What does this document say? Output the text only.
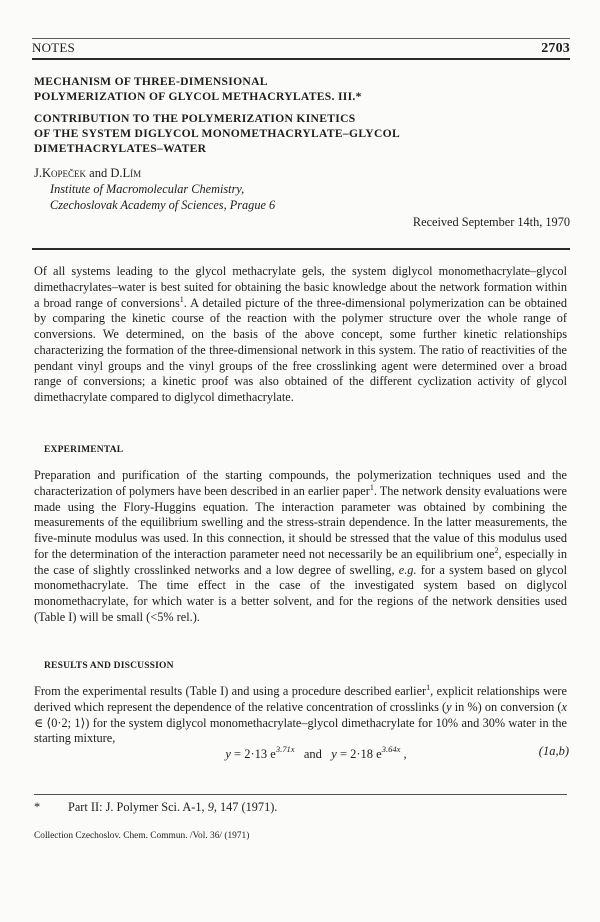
NOTES	2703

MECHANISM OF THREE-DIMENSIONAL

POLYMERIZATION OF GLYCOL METHACRYLATES. III.*

CONTRIBUTION TO THE POLYMERIZATION KINETICS

OF THE SYSTEM DIGLYCOL MONOMETHACRYLATE–GLYCOL

DIMETHACRYLATES–WATER

J.Kopeček and D.Lím
Institute of Macromolecular Chemistry,
Czechoslovak Academy of Sciences, Prague 6
Received September 14th, 1970

Of all systems leading to the glycol methacrylate gels, the system diglycol monomethacrylate–glycol dimethacrylates–water is best suited for obtaining the basic knowledge about the network formation within a broad range of conversions$^1$. A detailed picture of the three-dimensional polymerization can be obtained by comparing the kinetic course of the reaction with the polymer structure over the whole range of conversions. We determined, on the basis of the above concept, some further kinetic relationships characterizing the formation of the three-dimensional network in this system. The ratio of reactivities of the pendant vinyl groups and the vinyl groups of the free crosslinking agent were determined over a broad range of conversions; a kinetic proof was also obtained of the different cyclization activity of glycol dimethacrylate compared to diglycol dimethacrylate.

EXPERIMENTAL

Preparation and purification of the starting compounds, the polymerization techniques used and the characterization of polymers have been described in an earlier paper$^1$. The network density evaluations were made using the Flory-Huggins equation. The interaction parameter was obtained by combining the measurements of the equilibrium swelling and the stress-strain dependence. In the latter measurements, the five-minute modulus was used. In this connection, it should be stressed that the value of this modulus used for the determination of the interaction parameter need not necessarily be an equilibrium one$^2$, especially in the case of slightly crosslinked networks and a low degree of swelling, e.g. for a system based on glycol monomethacrylate. The time effect in the case of the investigated system based on diglycol monomethacrylate, for which water is a better solvent, and for the regions of the network densities used (Table I) will be small (<5% rel.).

RESULTS AND DISCUSSION

From the experimental results (Table I) and using a procedure described earlier$^1$, explicit relationships were derived which represent the dependence of the relative concentration of crosslinks (y in %) on conversion (x ∈ ⟨0·2; 1⟩) for the system diglycol monomethacrylate–glycol dimethacrylate for 10% and 30% water in the starting mixture,

y = 2·13 $e^{3.71x}$ and y = 2·18 $e^{3.64x}$ ,	(1a,b)
* Part II: J. Polymer Sci. A-1, 9, 147 (1971).
Collection Czechoslov. Chem. Commun. /Vol. 36/ (1971)
